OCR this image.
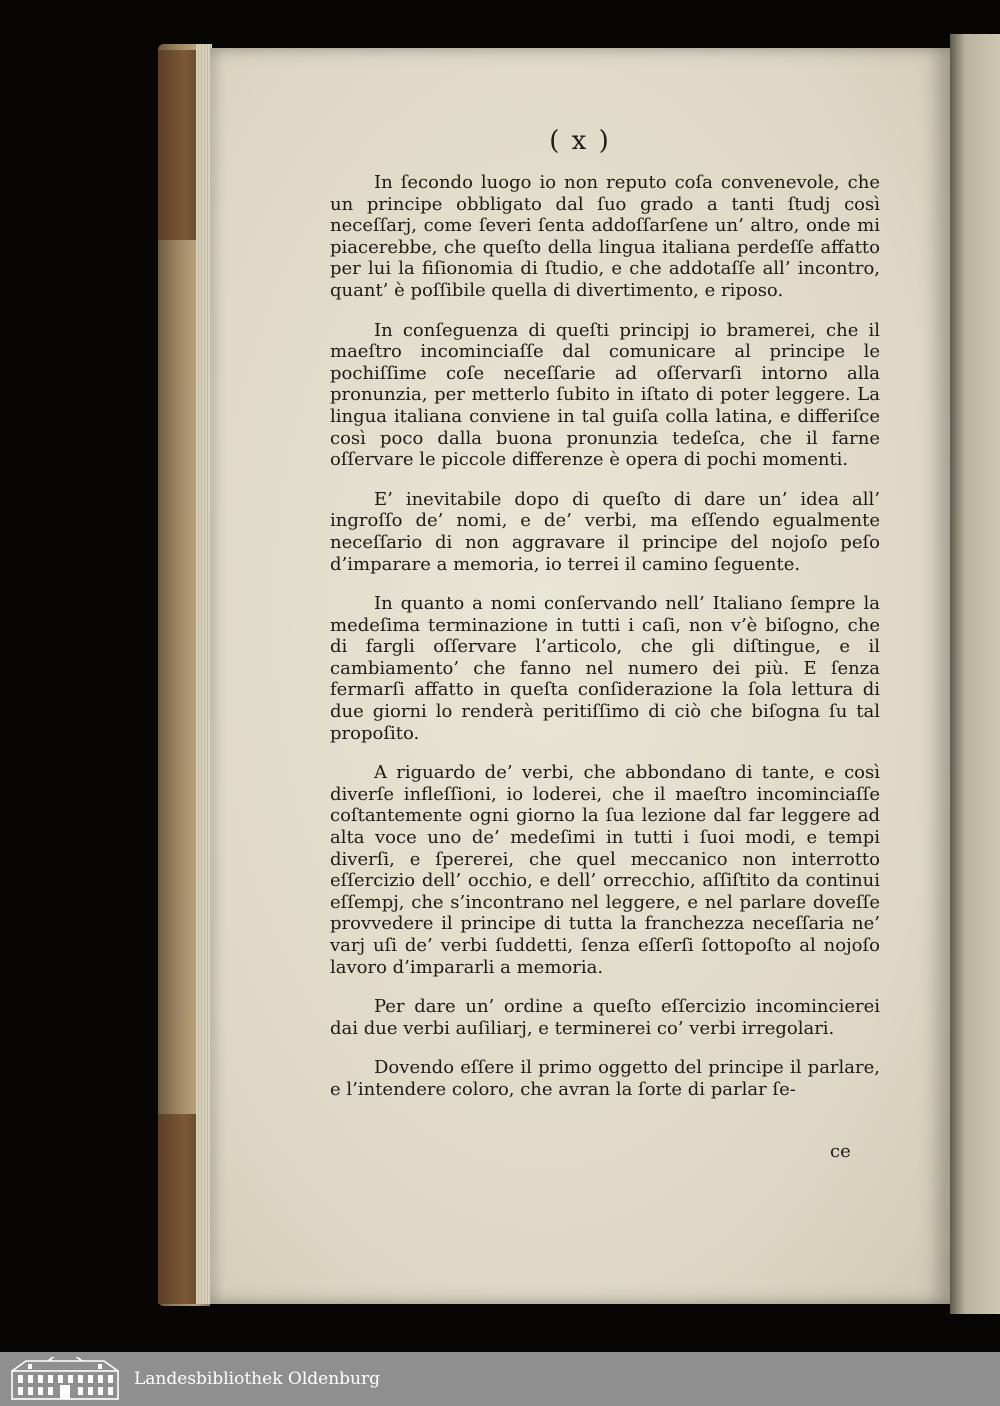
( x )

In ſecondo luogo io non reputo coſa convenevole, che un principe obbligato dal ſuo grado a tanti ſtudj così neceſſarj, come ſeveri ſenta addoſſarſene un’ altro, onde mi piacerebbe, che queſto della lingua italiana perdeſſe affatto per lui la fiſionomia di ſtudio, e che addotaſſe all’ incontro, quant’ è poſſibile quella di divertimento, e riposo.

In conſeguenza di queſti principj io bramerei, che il maeſtro incominciaſſe dal comunicare al principe le pochiſſime coſe neceſſarie ad oſſervarſi intorno alla pronunzia, per metterlo ſubito in iſtato di poter leggere. La lingua italiana conviene in tal guiſa colla latina, e differiſce così poco dalla buona pronunzia tedeſca, che il farne oſſervare le piccole differenze è opera di pochi momenti.

E’ inevitabile dopo di queſto di dare un’ idea all’ ingroſſo de’ nomi, e de’ verbi, ma eſſendo egualmente neceſſario di non aggravare il principe del nojoſo peſo d’imparare a memoria, io terrei il camino ſeguente.

In quanto a nomi conſervando nell’ Italiano ſempre la medeſima terminazione in tutti i caſi, non v’è biſogno, che di fargli oſſervare l’articolo, che gli diſtingue, e il cambiamento’ che fanno nel numero dei più. E ſenza fermarſi affatto in queſta conſiderazione la ſola lettura di due giorni lo renderà peritiſſimo di ciò che biſogna ſu tal propoſito.

A riguardo de’ verbi, che abbondano di tante, e così diverſe infleſſioni, io loderei, che il maeſtro incominciaſſe coſtantemente ogni giorno la ſua lezione dal far leggere ad alta voce uno de’ medeſimi in tutti i ſuoi modi, e tempi diverſi, e ſpererei, che quel meccanico non interrotto eſſercizio dell’ occhio, e dell’ orrecchio, aſſiſtito da continui eſſempj, che s’incontrano nel leggere, e nel parlare doveſſe provvedere il principe di tutta la franchezza neceſſaria ne’ varj uſi de’ verbi ſuddetti, ſenza eſſerſi ſottopoſto al nojoſo lavoro d’impararli a memoria.

Per dare un’ ordine a queſto eſſercizio incomincierei dai due verbi auſiliarj, e terminerei co’ verbi irregolari.

Dovendo eſſere il primo oggetto del principe il parlare, e l’intendere coloro, che avran la ſorte di parlar ſe-

ce
Landesbibliothek Oldenburg
